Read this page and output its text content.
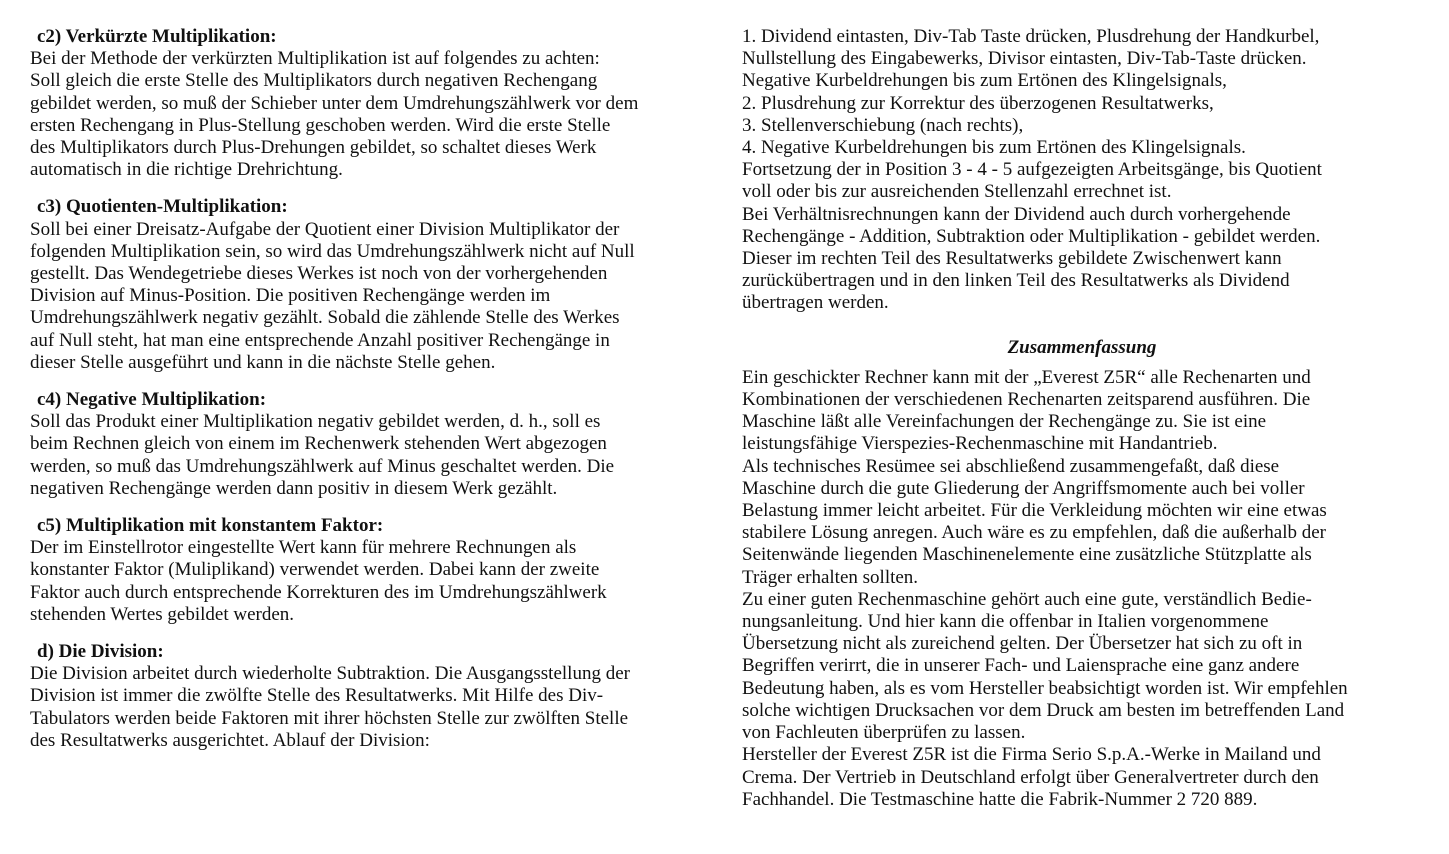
c2) Verkürzte Multiplikation:
Bei der Methode der verkürzten Multiplikation ist auf folgendes zu achten:
Soll gleich die erste Stelle des Multiplikators durch negativen Rechengang
gebildet werden, so muß der Schieber unter dem Umdrehungszählwerk vor dem
ersten Rechengang in Plus-Stellung geschoben werden. Wird die erste Stelle
des Multiplikators durch Plus-Drehungen gebildet, so schaltet dieses Werk
automatisch in die richtige Drehrichtung.
c3) Quotienten-Multiplikation:
Soll bei einer Dreisatz-Aufgabe der Quotient einer Division Multiplikator der
folgenden Multiplikation sein, so wird das Umdrehungszählwerk nicht auf Null
gestellt. Das Wendegetriebe dieses Werkes ist noch von der vorhergehenden
Division auf Minus-Position. Die positiven Rechengänge werden im
Umdrehungszählwerk negativ gezählt. Sobald die zählende Stelle des Werkes
auf Null steht, hat man eine entsprechende Anzahl positiver Rechengänge in
dieser Stelle ausgeführt und kann in die nächste Stelle gehen.
c4) Negative Multiplikation:
Soll das Produkt einer Multiplikation negativ gebildet werden, d. h., soll es
beim Rechnen gleich von einem im Rechenwerk stehenden Wert abgezogen
werden, so muß das Umdrehungszählwerk auf Minus geschaltet werden. Die
negativen Rechengänge werden dann positiv in diesem Werk gezählt.
c5) Multiplikation mit konstantem Faktor:
Der im Einstellrotor eingestellte Wert kann für mehrere Rechnungen als
konstanter Faktor (Muliplikand) verwendet werden. Dabei kann der zweite
Faktor auch durch entsprechende Korrekturen des im Umdrehungszählwerk
stehenden Wertes gebildet werden.
d) Die Division:
Die Division arbeitet durch wiederholte Subtraktion. Die Ausgangsstellung der
Division ist immer die zwölfte Stelle des Resultatwerks. Mit Hilfe des Div-
Tabulators werden beide Faktoren mit ihrer höchsten Stelle zur zwölften Stelle
des Resultatwerks ausgerichtet. Ablauf der Division:
1. Dividend eintasten, Div-Tab Taste drücken, Plusdrehung der Handkurbel,
Nullstellung des Eingabewerks, Divisor eintasten, Div-Tab-Taste drücken.
Negative Kurbeldrehungen bis zum Ertönen des Klingelsignals,
2. Plusdrehung zur Korrektur des überzogenen Resultatwerks,
3. Stellenverschiebung (nach rechts),
4. Negative Kurbeldrehungen bis zum Ertönen des Klingelsignals.
Fortsetzung der in Position 3 - 4 - 5 aufgezeigten Arbeitsgänge, bis Quotient
voll oder bis zur ausreichenden Stellenzahl errechnet ist.
Bei Verhältnisrechnungen kann der Dividend auch durch vorhergehende
Rechengänge - Addition, Subtraktion oder Multiplikation - gebildet werden.
Dieser im rechten Teil des Resultatwerks gebildete Zwischenwert kann
zurückübertragen und in den linken Teil des Resultatwerks als Dividend
übertragen werden.
Zusammenfassung
Ein geschickter Rechner kann mit der „Everest Z5R“ alle Rechenarten und
Kombinationen der verschiedenen Rechenarten zeitsparend ausführen. Die
Maschine läßt alle Vereinfachungen der Rechengänge zu. Sie ist eine
leistungsfähige Vierspezies-Rechenmaschine mit Handantrieb.
Als technisches Resümee sei abschließend zusammengefaßt, daß diese
Maschine durch die gute Gliederung der Angriffsmomente auch bei voller
Belastung immer leicht arbeitet. Für die Verkleidung möchten wir eine etwas
stabilere Lösung anregen. Auch wäre es zu empfehlen, daß die außerhalb der
Seitenwände liegenden Maschinenelemente eine zusätzliche Stützplatte als
Träger erhalten sollten.
Zu einer guten Rechenmaschine gehört auch eine gute, verständlich Bedie-
nungsanleitung. Und hier kann die offenbar in Italien vorgenommene
Übersetzung nicht als zureichend gelten. Der Übersetzer hat sich zu oft in
Begriffen verirrt, die in unserer Fach- und Laiensprache eine ganz andere
Bedeutung haben, als es vom Hersteller beabsichtigt worden ist. Wir empfehlen
solche wichtigen Drucksachen vor dem Druck am besten im betreffenden Land
von Fachleuten überprüfen zu lassen.
Hersteller der Everest Z5R ist die Firma Serio S.p.A.-Werke in Mailand und
Crema. Der Vertrieb in Deutschland erfolgt über Generalvertreter durch den
Fachhandel. Die Testmaschine hatte die Fabrik-Nummer 2 720 889.
